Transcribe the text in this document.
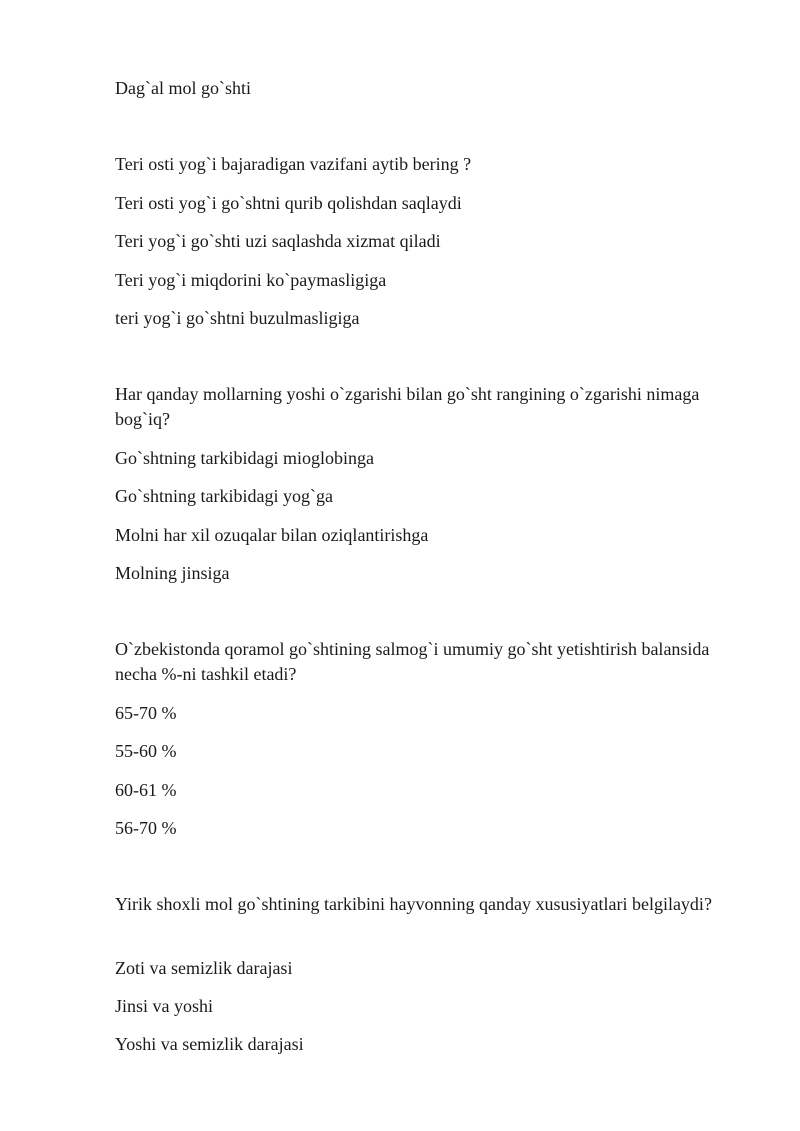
Dag`al mol go`shti
Teri osti yog`i bajaradigan vazifani aytib bering ?
Teri osti yog`i go`shtni qurib qolishdan saqlaydi
Teri yog`i go`shti uzi saqlashda xizmat qiladi
Teri yog`i miqdorini ko`paymasligiga
teri yog`i go`shtni buzulmasligiga
Har qanday mollarning yoshi o`zgarishi bilan go`sht rangining o`zgarishi nimaga bog`iq?
Go`shtning tarkibidagi mioglobinga
Go`shtning tarkibidagi yog`ga
Molni har xil ozuqalar bilan oziqlantirishga
Molning jinsiga
O`zbekistonda qoramol go`shtining salmog`i umumiy go`sht yetishtirish balansida necha %-ni tashkil etadi?
65-70 %
55-60 %
60-61 %
56-70 %
Yirik shoxli mol go`shtining tarkibini hayvonning qanday xususiyatlari belgilaydi?
Zoti va semizlik darajasi
Jinsi va yoshi
Yoshi va semizlik darajasi
